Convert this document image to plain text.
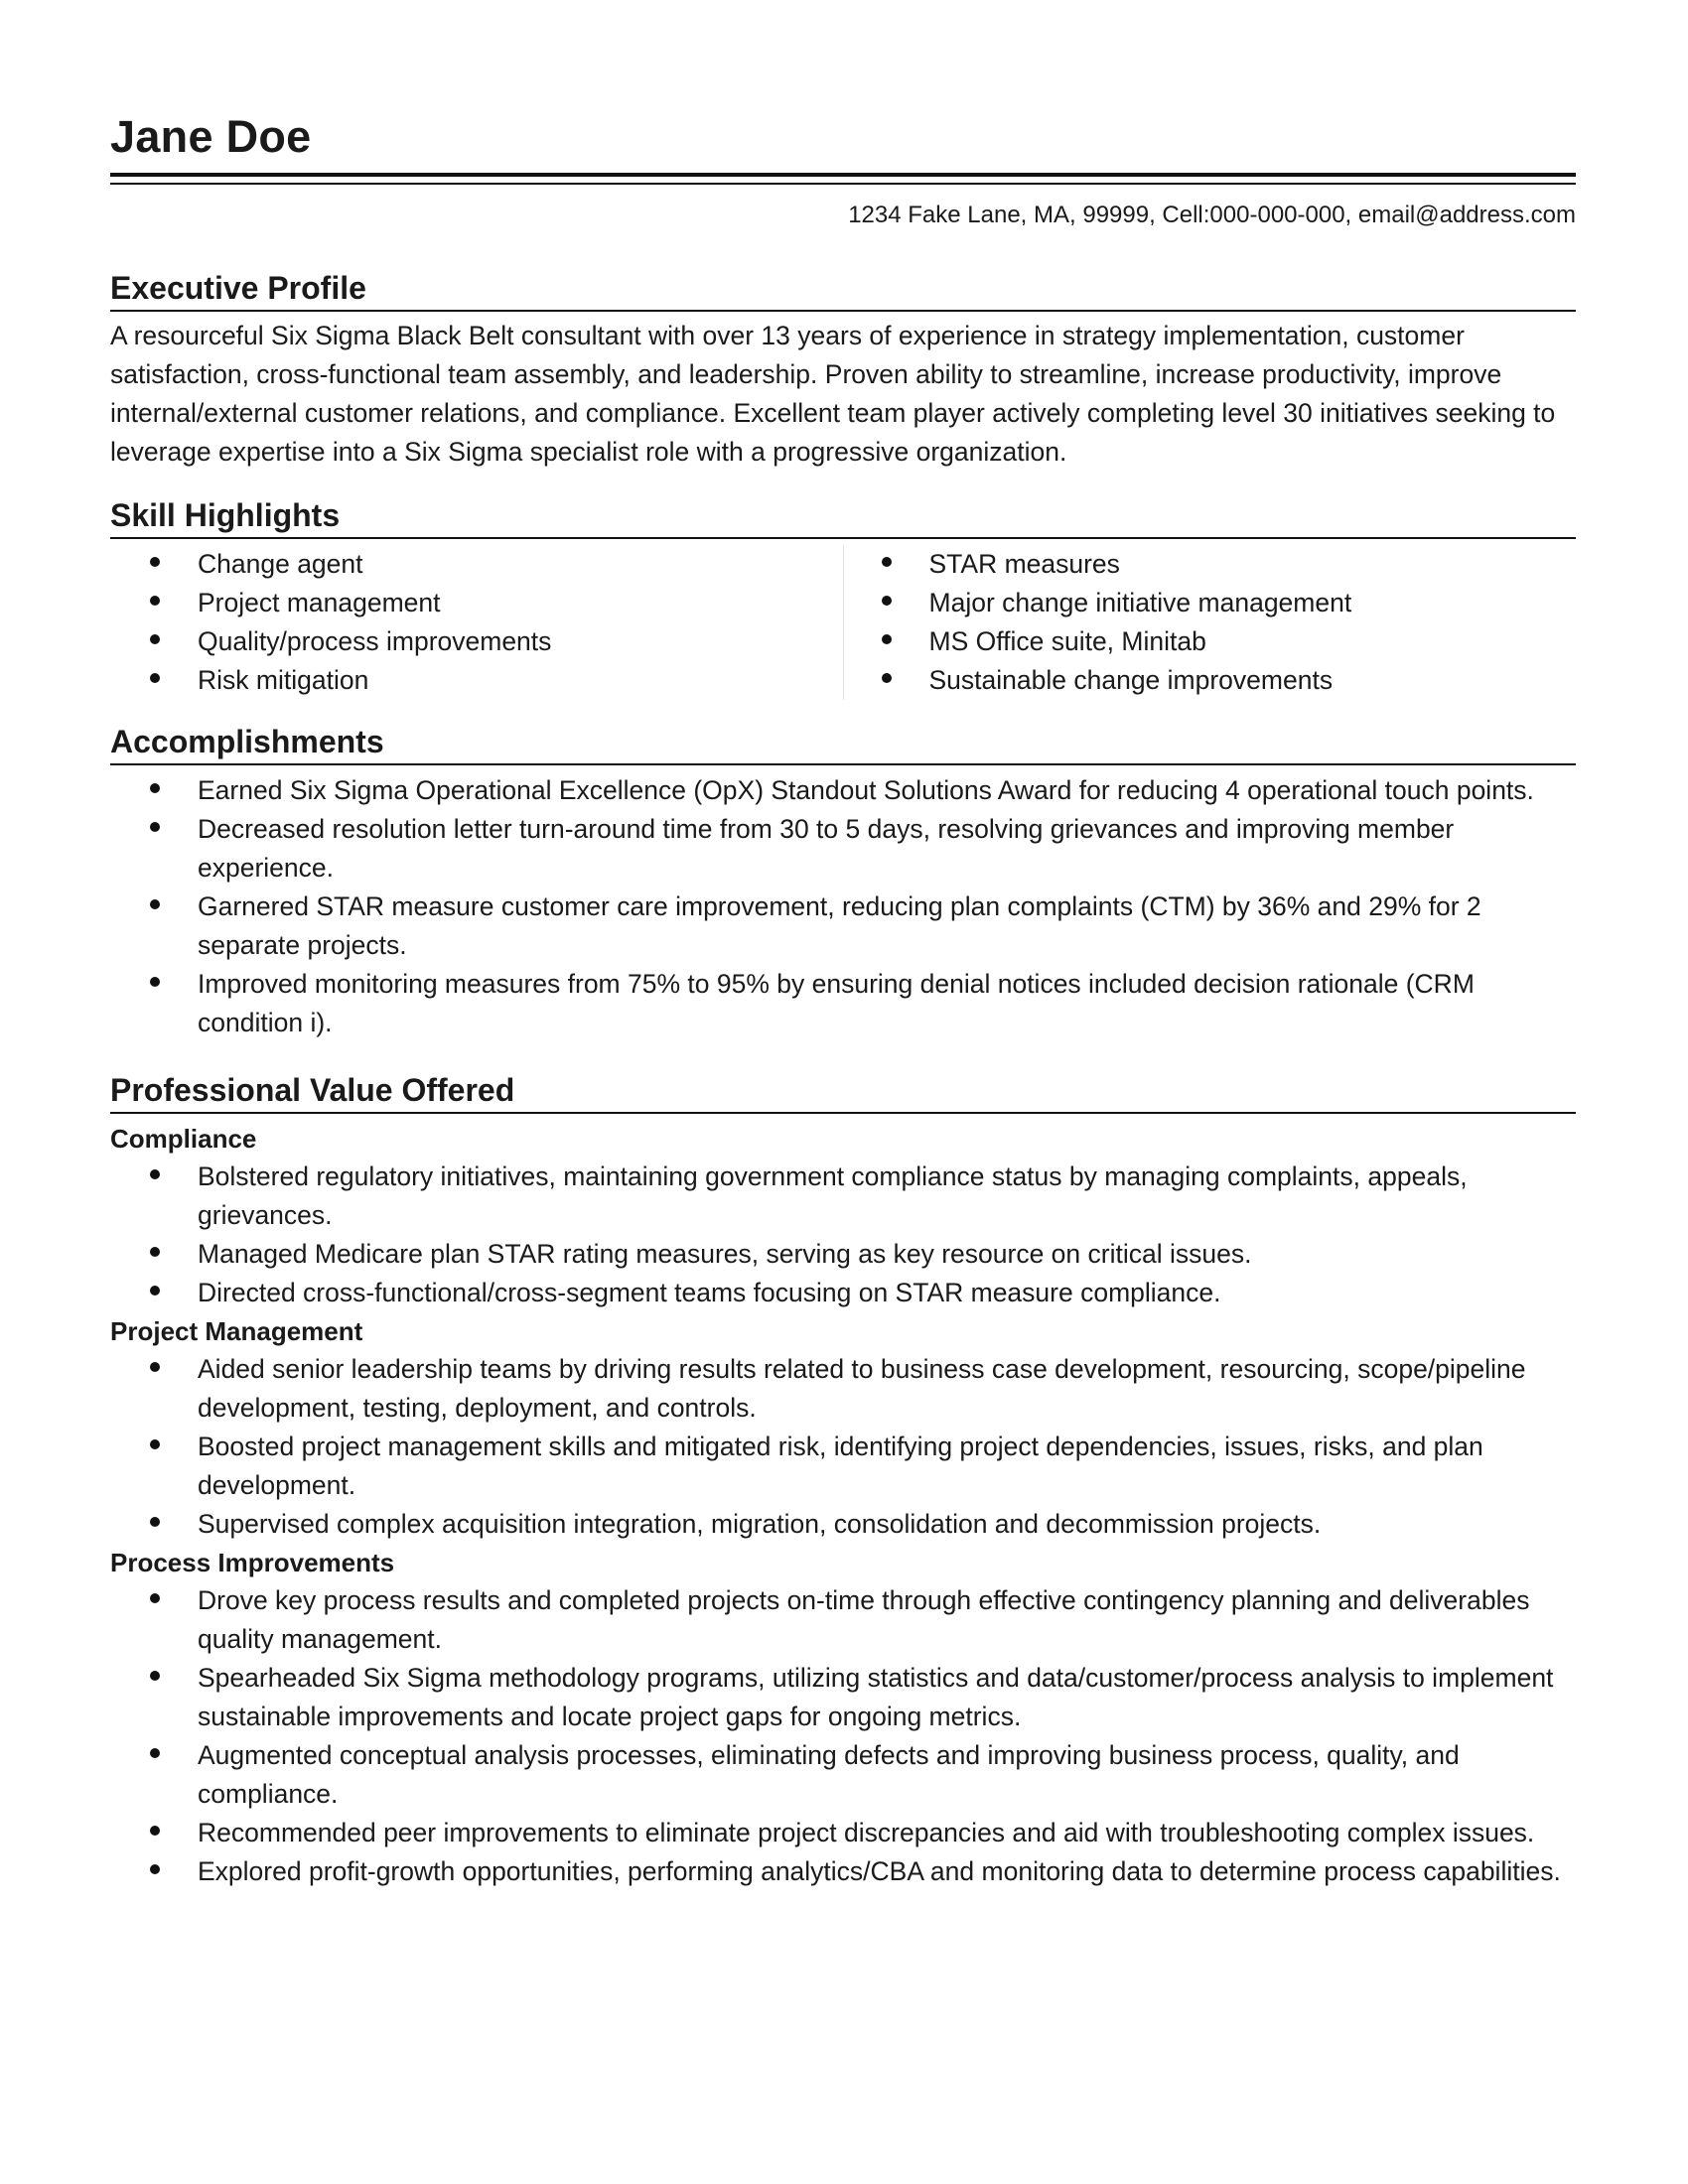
Jane Doe
1234 Fake Lane, MA, 99999, Cell:000-000-000, email@address.com
Executive Profile

A resourceful Six Sigma Black Belt consultant with over 13 years of experience in strategy implementation, customer satisfaction, cross-functional team assembly, and leadership. Proven ability to streamline, increase productivity, improve internal/external customer relations, and compliance. Excellent team player actively completing level 30 initiatives seeking to leverage expertise into a Six Sigma specialist role with a progressive organization.

Skill Highlights
Change agent
Project management
Quality/process improvements
Risk mitigation
STAR measures
Major change initiative management
MS Office suite, Minitab
Sustainable change improvements
Accomplishments
Earned Six Sigma Operational Excellence (OpX) Standout Solutions Award for reducing 4 operational touch points.
Decreased resolution letter turn-around time from 30 to 5 days, resolving grievances and improving member experience.
Garnered STAR measure customer care improvement, reducing plan complaints (CTM) by 36% and 29% for 2 separate projects.
Improved monitoring measures from 75% to 95% by ensuring denial notices included decision rationale (CRM condition i).
Professional Value Offered
Compliance
Bolstered regulatory initiatives, maintaining government compliance status by managing complaints, appeals, grievances.
Managed Medicare plan STAR rating measures, serving as key resource on critical issues.
Directed cross-functional/cross-segment teams focusing on STAR measure compliance.
Project Management
Aided senior leadership teams by driving results related to business case development, resourcing, scope/pipeline development, testing, deployment, and controls.
Boosted project management skills and mitigated risk, identifying project dependencies, issues, risks, and plan development.
Supervised complex acquisition integration, migration, consolidation and decommission projects.
Process Improvements
Drove key process results and completed projects on-time through effective contingency planning and deliverables quality management.
Spearheaded Six Sigma methodology programs, utilizing statistics and data/customer/process analysis to implement sustainable improvements and locate project gaps for ongoing metrics.
Augmented conceptual analysis processes, eliminating defects and improving business process, quality, and compliance.
Recommended peer improvements to eliminate project discrepancies and aid with troubleshooting complex issues.
Explored profit-growth opportunities, performing analytics/CBA and monitoring data to determine process capabilities.
